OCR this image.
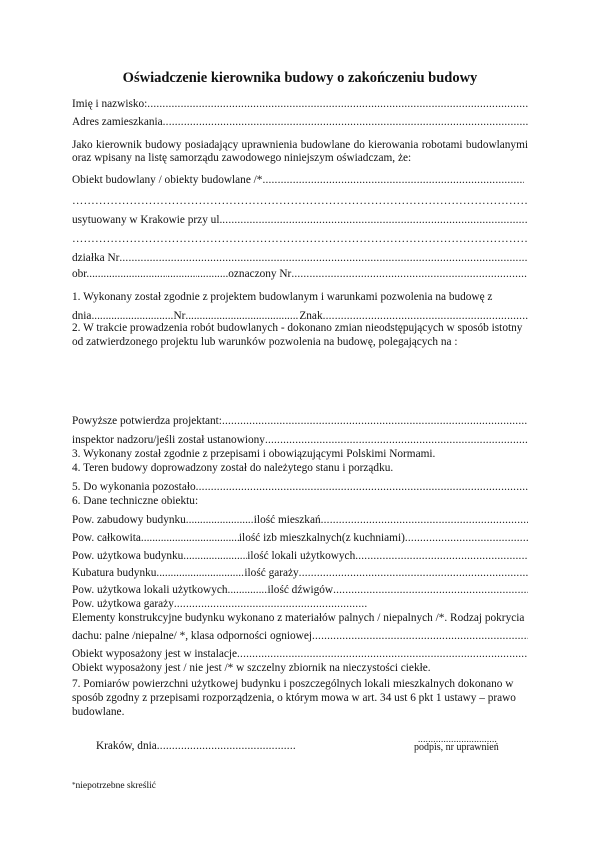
Oświadczenie kierownika budowy o zakończeniu budowy
Imię i nazwisko:
.....
Adres zamieszkania
.....
Jako kierownik budowy posiadający uprawnienia budowlane do kierowania robotami budowlanymi oraz wpisany na listę samorządu zawodowego niniejszym oświadczam, że:
Obiekt budowlany / obiekty budowlane /*
.....
…………………………………………………………………………………………………………………………………………………………
usytuowany w Krakowie przy ul.
.....
…………………………………………………………………………………………………………………………………………………………
działka Nr
.....
obr. ..... ..... .....	oznaczony Nr
.....
1. Wykonany został zgodnie z projektem budowlanym i warunkami pozwolenia na budowę z
dnia .....	Nr .....	Znak
.....
2. W trakcie prowadzenia robót budowlanych - dokonano zmian nieodstępujących w sposób istotny od zatwierdzonego projektu lub warunków pozwolenia na budowę, polegających na :
Powyższe potwierdza projektant:
.....
inspektor nadzoru/jeśli został ustanowiony
.....
3. Wykonany został zgodnie z przepisami i obowiązującymi Polskimi Normami.
4. Teren budowy doprowadzony został do należytego stanu i porządku.
5. Do wykonania pozostało
.....
6. Dane techniczne obiektu:
Pow. zabudowy budynku .....	ilość mieszkań
.....
Pow. całkowita .....	ilość izb mieszkalnych(z kuchniami)
.....
Pow. użytkowa budynku .....	ilość lokali użytkowych
.....
Kubatura budynku .....	ilość garaży
.....
Pow. użytkowa lokali użytkowych .....	ilość dźwigów
.....
Pow. użytkowa garaży
.....
Elementy konstrukcyjne budynku wykonano z materiałów palnych / niepalnych /*. Rodzaj pokrycia
dachu: palne /niepalne/ *, klasa odporności ogniowej
.....
Obiekt wyposażony jest w instalacje
.....
Obiekt wyposażony jest / nie jest /* w szczelny zbiornik na nieczystości ciekłe.
7. Pomiarów powierzchni użytkowej budynku i poszczególnych lokali mieszkalnych dokonano w sposób zgodny z przepisami rozporządzenia, o którym mowa w art. 34 ust 6 pkt 1 ustawy – prawo budowlane.
Kraków, dnia
.....
...............................
podpis, nr uprawnień
*niepotrzebne skreślić
